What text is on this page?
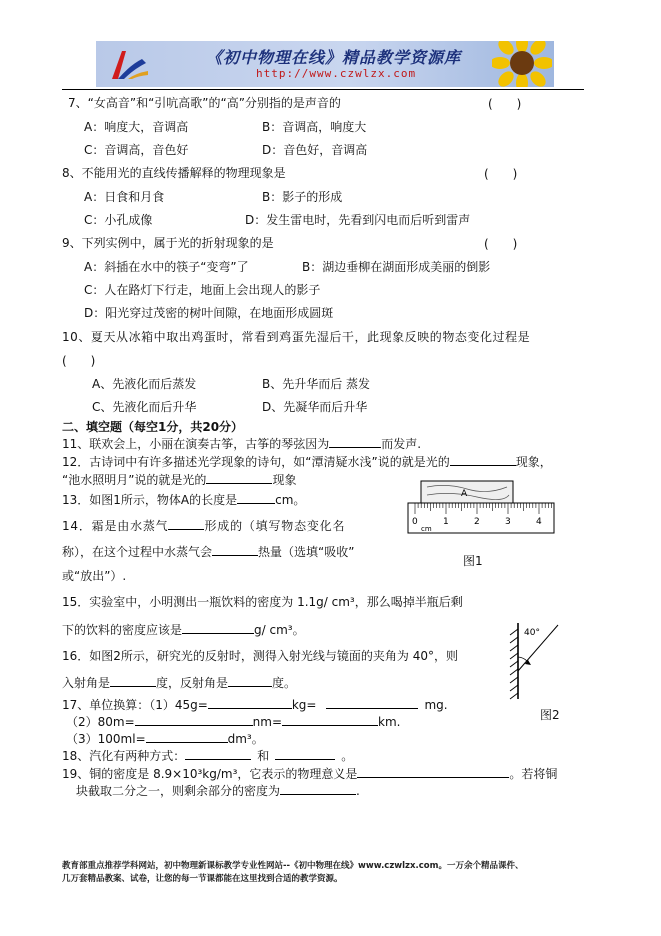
《初中物理在线》精品教学资源库
http://www.czwlzx.com
7、“女高音”和“引吭高歌”的“高”分别指的是声音的	(　　)
A：响度大，音调高	B：音调高，响度大
C：音调高，音色好	D：音色好，音调高
8、不能用光的直线传播解释的物理现象是	(　　)
A：日食和月食	B：影子的形成
C：小孔成像	D：发生雷电时，先看到闪电而后听到雷声
9、下列实例中，属于光的折射现象的是	(　　)
A：斜插在水中的筷子“变弯”了	B：湖边垂柳在湖面形成美丽的倒影
C：人在路灯下行走，地面上会出现人的影子
D：阳光穿过茂密的树叶间隙，在地面形成圆斑
10、夏天从冰箱中取出鸡蛋时，常看到鸡蛋先湿后干，此现象反映的物态变化过程是
(　　)
A、先液化而后蒸发	B、先升华而后 蒸发
C、先液化而后升华	D、先凝华而后升华
二、填空题（每空1分，共20分）
11、联欢会上，小丽在演奏古筝，古筝的琴弦因为	而发声.
12．古诗词中有许多描述光学现象的诗句，如“潭清疑水浅”说的就是光的	现象，
“池水照明月”说的就是光的	现象
13．如图1所示，物体A的长度是	cm。
14．霜是由水蒸气	形成的（填写物态变化名
称），在这个过程中水蒸气会	热量（选填“吸收”
或“放出”）.
A
0	1	2	3	4
cm
图1
15．实验室中，小明测出一瓶饮料的密度为 1.1g/ cm³，那么喝掉半瓶后剩
下的饮料的密度应该是	g/ cm³。	40°
16．如图2所示，研究光的反射时，测得入射光线与镜面的夹角为 40°，则
入射角是	度，反射角是	度。
图2
17、单位换算：（1）45g=	kg=	mg.
（2）80m=	nm=	km.
（3）100ml=	dm³。
18、汽化有两种方式：	和	。
19、铜的密度是 8.9×10³kg/m³，它表示的物理意义是	。若将铜
块截取二分之一，则剩余部分的密度为	.
教育部重点推荐学科网站，初中物理新课标教学专业性网站--《初中物理在线》www.czwlzx.com。一万余个精品课件、
几万套精品教案、试卷，让您的每一节课都能在这里找到合适的教学资源。
